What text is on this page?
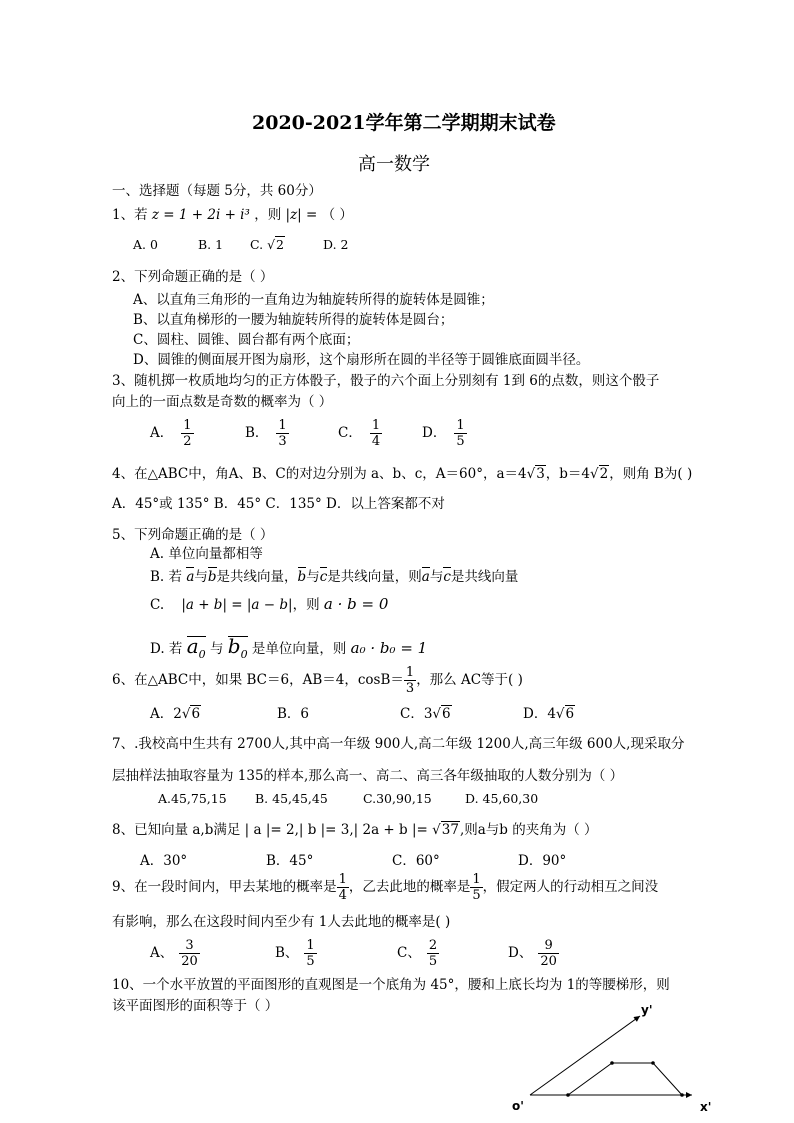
2020-2021学年第二学期期末试卷
高一数学
一、选择题（每题 5分，共 60分）
1、若 z = 1 + 2i + i³ ，则 |z| = （ ）
A. 0	B. 1 C. √2	D. 2
2、下列命题正确的是（ ）
A、以直角三角形的一直角边为轴旋转所得的旋转体是圆锥；
B、以直角梯形的一腰为轴旋转所得的旋转体是圆台；
C、圆柱、圆锥、圆台都有两个底面；
D、圆锥的侧面展开图为扇形，这个扇形所在圆的半径等于圆锥底面圆半径。
3、随机掷一枚质地均匀的正方体骰子，骰子的六个面上分别刻有 1到 6的点数，则这个骰子
向上的一面点数是奇数的概率为（ ）
A． $\frac{1}{2}$	B． $\frac{1}{3}$	C． $\frac{1}{4}$	D． $\frac{1}{5}$
4、在△ABC中，角A、B、C的对边分别为 a、b、c，A＝60°，a＝4√3，b＝4√2，则角 B为( )
A．45°或 135° B．45° C．135° D．以上答案都不对
5、下列命题正确的是（ ）
A. 单位向量都相等
B. 若 a与b是共线向量，b与c是共线向量，则a与c是共线向量
C. |a + b| = |a − b|，则 a · b = 0
D. 若 $a_0$ 与 $b_0$ 是单位向量，则 a₀ · b₀ = 1
6、在△ABC中，如果 BC＝6，AB＝4，$\cos B= \frac{1}{3}$ ，那么 AC等于( )
A．2√6	B．6	C．3√6	D．4√6
7、.我校高中生共有 2700人,其中高一年级 900人,高二年级 1200人,高三年级 600人,现采取分
层抽样法抽取容量为 135的样本,那么高一、高二、高三各年级抽取的人数分别为（ ）
A.45,75,15 B. 45,45,45	C.30,90,15	D. 45,60,30
8、已知向量 a,b满足 | a |= 2,| b |= 3,| 2a + b |= √37,则a与b 的夹角为（ ）
A．30°	B．45°	C．60°	D．90°
9、在一段时间内，甲去某地的概率是 $\frac{1}{4}$ ，乙去此地的概率是 $\frac{1}{5}$ ，假定两人的行动相互之间没
有影响，那么在这段时间内至少有 1人去此地的概率是( )
A、 $\frac{3}{20}$	B、 $\frac{1}{5}$	C、 $\frac{2}{5}$	D、 $\frac{9}{20}$
10、一个水平放置的平面图形的直观图是一个底角为 45°，腰和上底长均为 1的等腰梯形，则
该平面图形的面积等于（ ）	y'
o'	x'
